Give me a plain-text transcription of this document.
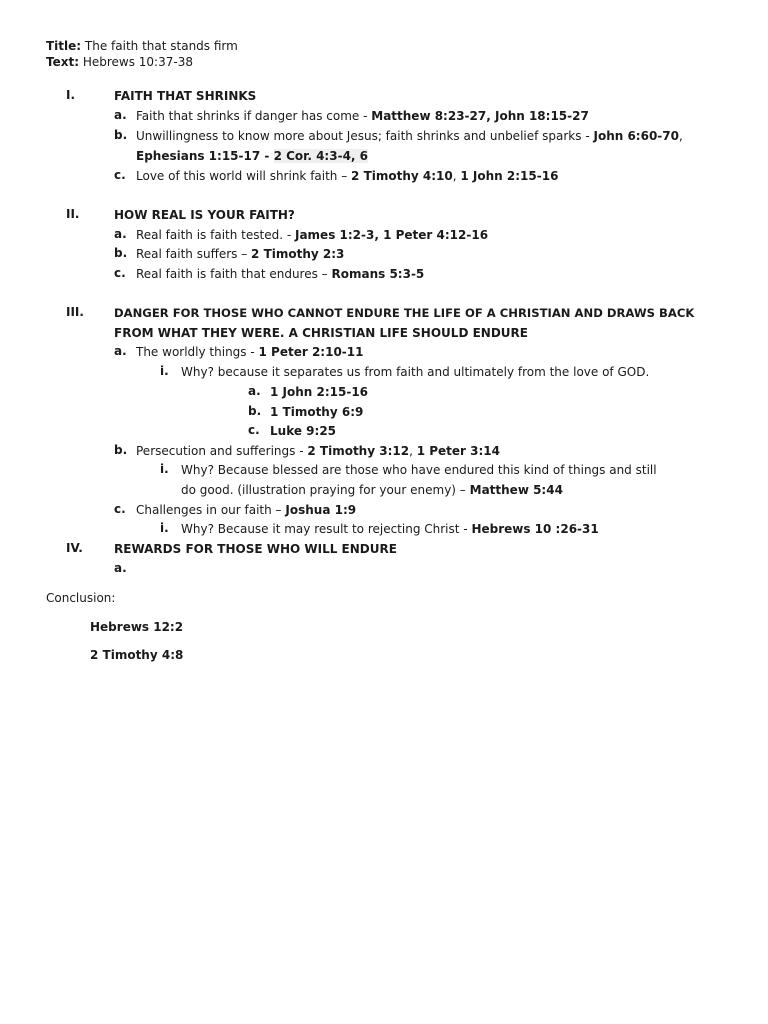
Title: The faith that stands firm
Text: Hebrews 10:37-38
I.	FAITH THAT SHRINKS
a. Faith that shrinks if danger has come - Matthew 8:23-27, John 18:15-27
b. Unwillingness to know more about Jesus; faith shrinks and unbelief sparks - John 6:60-70,
Ephesians 1:15-17 - 2 Cor. 4:3-4, 6
c. Love of this world will shrink faith – 2 Timothy 4:10, 1 John 2:15-16
II.	HOW REAL IS YOUR FAITH?
a. Real faith is faith tested. - James 1:2-3, 1 Peter 4:12-16
b. Real faith suffers – 2 Timothy 2:3
c. Real faith is faith that endures – Romans 5:3-5
III.	DANGER FOR THOSE WHO CANNOT ENDURE THE LIFE OF A CHRISTIAN AND DRAWS BACK
FROM WHAT THEY WERE. A CHRISTIAN LIFE SHOULD ENDURE
a. The worldly things - 1 Peter 2:10-11
i. Why? because it separates us from faith and ultimately from the love of GOD.
a. 1 John 2:15-16
b. 1 Timothy 6:9
c. Luke 9:25
b. Persecution and sufferings - 2 Timothy 3:12, 1 Peter 3:14
i. Why? Because blessed are those who have endured this kind of things and still
do good. (illustration praying for your enemy) – Matthew 5:44
c. Challenges in our faith – Joshua 1:9
i. Why? Because it may result to rejecting Christ - Hebrews 10 :26-31
IV.	REWARDS FOR THOSE WHO WILL ENDURE
a.
Conclusion:
Hebrews 12:2
2 Timothy 4:8
